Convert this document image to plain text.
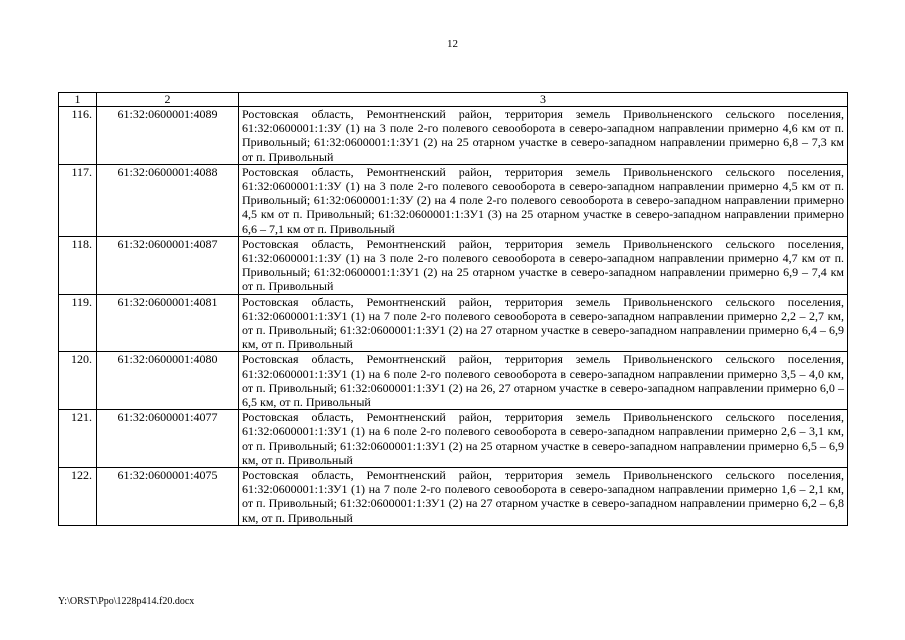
12
1	2	3
116.	61:32:0600001:4089	Ростовская область, Ремонтненский район, территория земель Привольненского сельского поселения, 61:32:0600001:1:ЗУ (1) на 3 поле 2-го полевого севооборота в северо-западном направлении примерно 4,6 км от п. Привольный; 61:32:0600001:1:ЗУ1 (2) на 25 отарном участке в северо-западном направлении примерно 6,8 – 7,3 км от п. Привольный
117.	61:32:0600001:4088	Ростовская область, Ремонтненский район, территория земель Привольненского сельского поселения, 61:32:0600001:1:ЗУ (1) на 3 поле 2-го полевого севооборота в северо-западном направлении примерно 4,5 км от п. Привольный; 61:32:0600001:1:ЗУ (2) на 4 поле 2-го полевого севооборота в северо-западном направлении примерно 4,5 км от п. Привольный; 61:32:0600001:1:ЗУ1 (3) на 25 отарном участке в северо-западном направлении примерно 6,6 – 7,1 км от п. Привольный
118.	61:32:0600001:4087	Ростовская область, Ремонтненский район, территория земель Привольненского сельского поселения, 61:32:0600001:1:ЗУ (1) на 3 поле 2-го полевого севооборота в северо-западном направлении примерно 4,7 км от п. Привольный; 61:32:0600001:1:ЗУ1 (2) на 25 отарном участке в северо-западном направлении примерно 6,9 – 7,4 км от п. Привольный
119.	61:32:0600001:4081	Ростовская область, Ремонтненский район, территория земель Привольненского сельского поселения, 61:32:0600001:1:ЗУ1 (1) на 7 поле 2-го полевого севооборота в северо-западном направлении примерно 2,2 – 2,7 км, от п. Привольный; 61:32:0600001:1:ЗУ1 (2) на 27 отарном участке в северо-западном направлении примерно 6,4 – 6,9 км, от п. Привольный
120.	61:32:0600001:4080	Ростовская область, Ремонтненский район, территория земель Привольненского сельского поселения, 61:32:0600001:1:ЗУ1 (1) на 6 поле 2-го полевого севооборота в северо-западном направлении примерно 3,5 – 4,0 км, от п. Привольный; 61:32:0600001:1:ЗУ1 (2) на 26, 27 отарном участке в северо-западном направлении примерно 6,0 – 6,5 км, от п. Привольный
121.	61:32:0600001:4077	Ростовская область, Ремонтненский район, территория земель Привольненского сельского поселения, 61:32:0600001:1:ЗУ1 (1) на 6 поле 2-го полевого севооборота в северо-западном направлении примерно 2,6 – 3,1 км, от п. Привольный; 61:32:0600001:1:ЗУ1 (2) на 25 отарном участке в северо-западном направлении примерно 6,5 – 6,9 км, от п. Привольный
122.	61:32:0600001:4075	Ростовская область, Ремонтненский район, территория земель Привольненского сельского поселения, 61:32:0600001:1:ЗУ1 (1) на 7 поле 2-го полевого севооборота в северо-западном направлении примерно 1,6 – 2,1 км, от п. Привольный; 61:32:0600001:1:ЗУ1 (2) на 27 отарном участке в северо-западном направлении примерно 6,2 – 6,8 км, от п. Привольный
Y:\ORST\Ppo\1228p414.f20.docx
